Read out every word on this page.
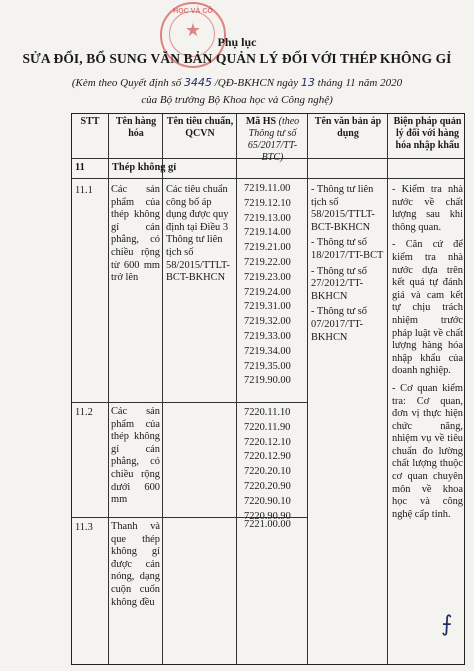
HỌC VÀ CÔ
★
Phụ lục
SỬA ĐỔI, BỔ SUNG VĂN BẢN QUẢN LÝ ĐỐI VỚI THÉP KHÔNG GỈ
(Kèm theo Quyết định số 3445 /QĐ-BKHCN ngày 13 tháng 11 năm 2020
của Bộ trưởng Bộ Khoa học và Công nghệ)
STT	Tên hàng hóa
Tên tiêu chuẩn, QCVN
Mã HS (theo Thông tư số 65/2017/TT-BTC)
Tên văn bản áp dụng
Biện pháp quản lý đối với hàng hóa nhập khẩu
11	Thép không gỉ
11.1 Các sản phẩm của thép không gỉ cán phẳng, có chiều rộng từ 600 mm trở lên
7219.11.00
7219.12.10
7219.13.00
7219.14.00
7219.21.00
7219.22.00
7219.23.00
7219.24.00
7219.31.00
7219.32.00
7219.33.00
7219.34.00
7219.35.00
7219.90.00
11.2 Các sản phẩm của thép không gỉ cán phẳng, có chiều rộng dưới 600 mm
7220.11.10
7220.11.90
7220.12.10
7220.12.90
7220.20.10
7220.20.90
7220.90.10
7220.90.90
11.3 Thanh và que thép không gỉ được cán nóng, dạng cuộn cuốn không đều
7221.00.00
Các tiêu chuẩn công bố áp dụng được quy định tại Điều 3 Thông tư liên tịch số 58/2015/TTLT-BCT-BKHCN
- Thông tư liên tịch số 58/2015/TTLT-BCT-BKHCN
- Thông tư số 18/2017/TT-BCT
- Thông tư số 27/2012/TT-BKHCN
- Thông tư số 07/2017/TT-BKHCN
- Kiểm tra nhà nước về chất lượng sau khi thông quan.
- Căn cứ để kiểm tra nhà nước dựa trên kết quả tự đánh giá và cam kết tự chịu trách nhiệm trước pháp luật về chất lượng hàng hóa nhập khẩu của doanh nghiệp.
- Cơ quan kiểm tra: Cơ quan, đơn vị thực hiện chức năng, nhiệm vụ về tiêu chuẩn đo lường chất lượng thuộc cơ quan chuyên môn về khoa học và công nghệ cấp tỉnh.
⨍
